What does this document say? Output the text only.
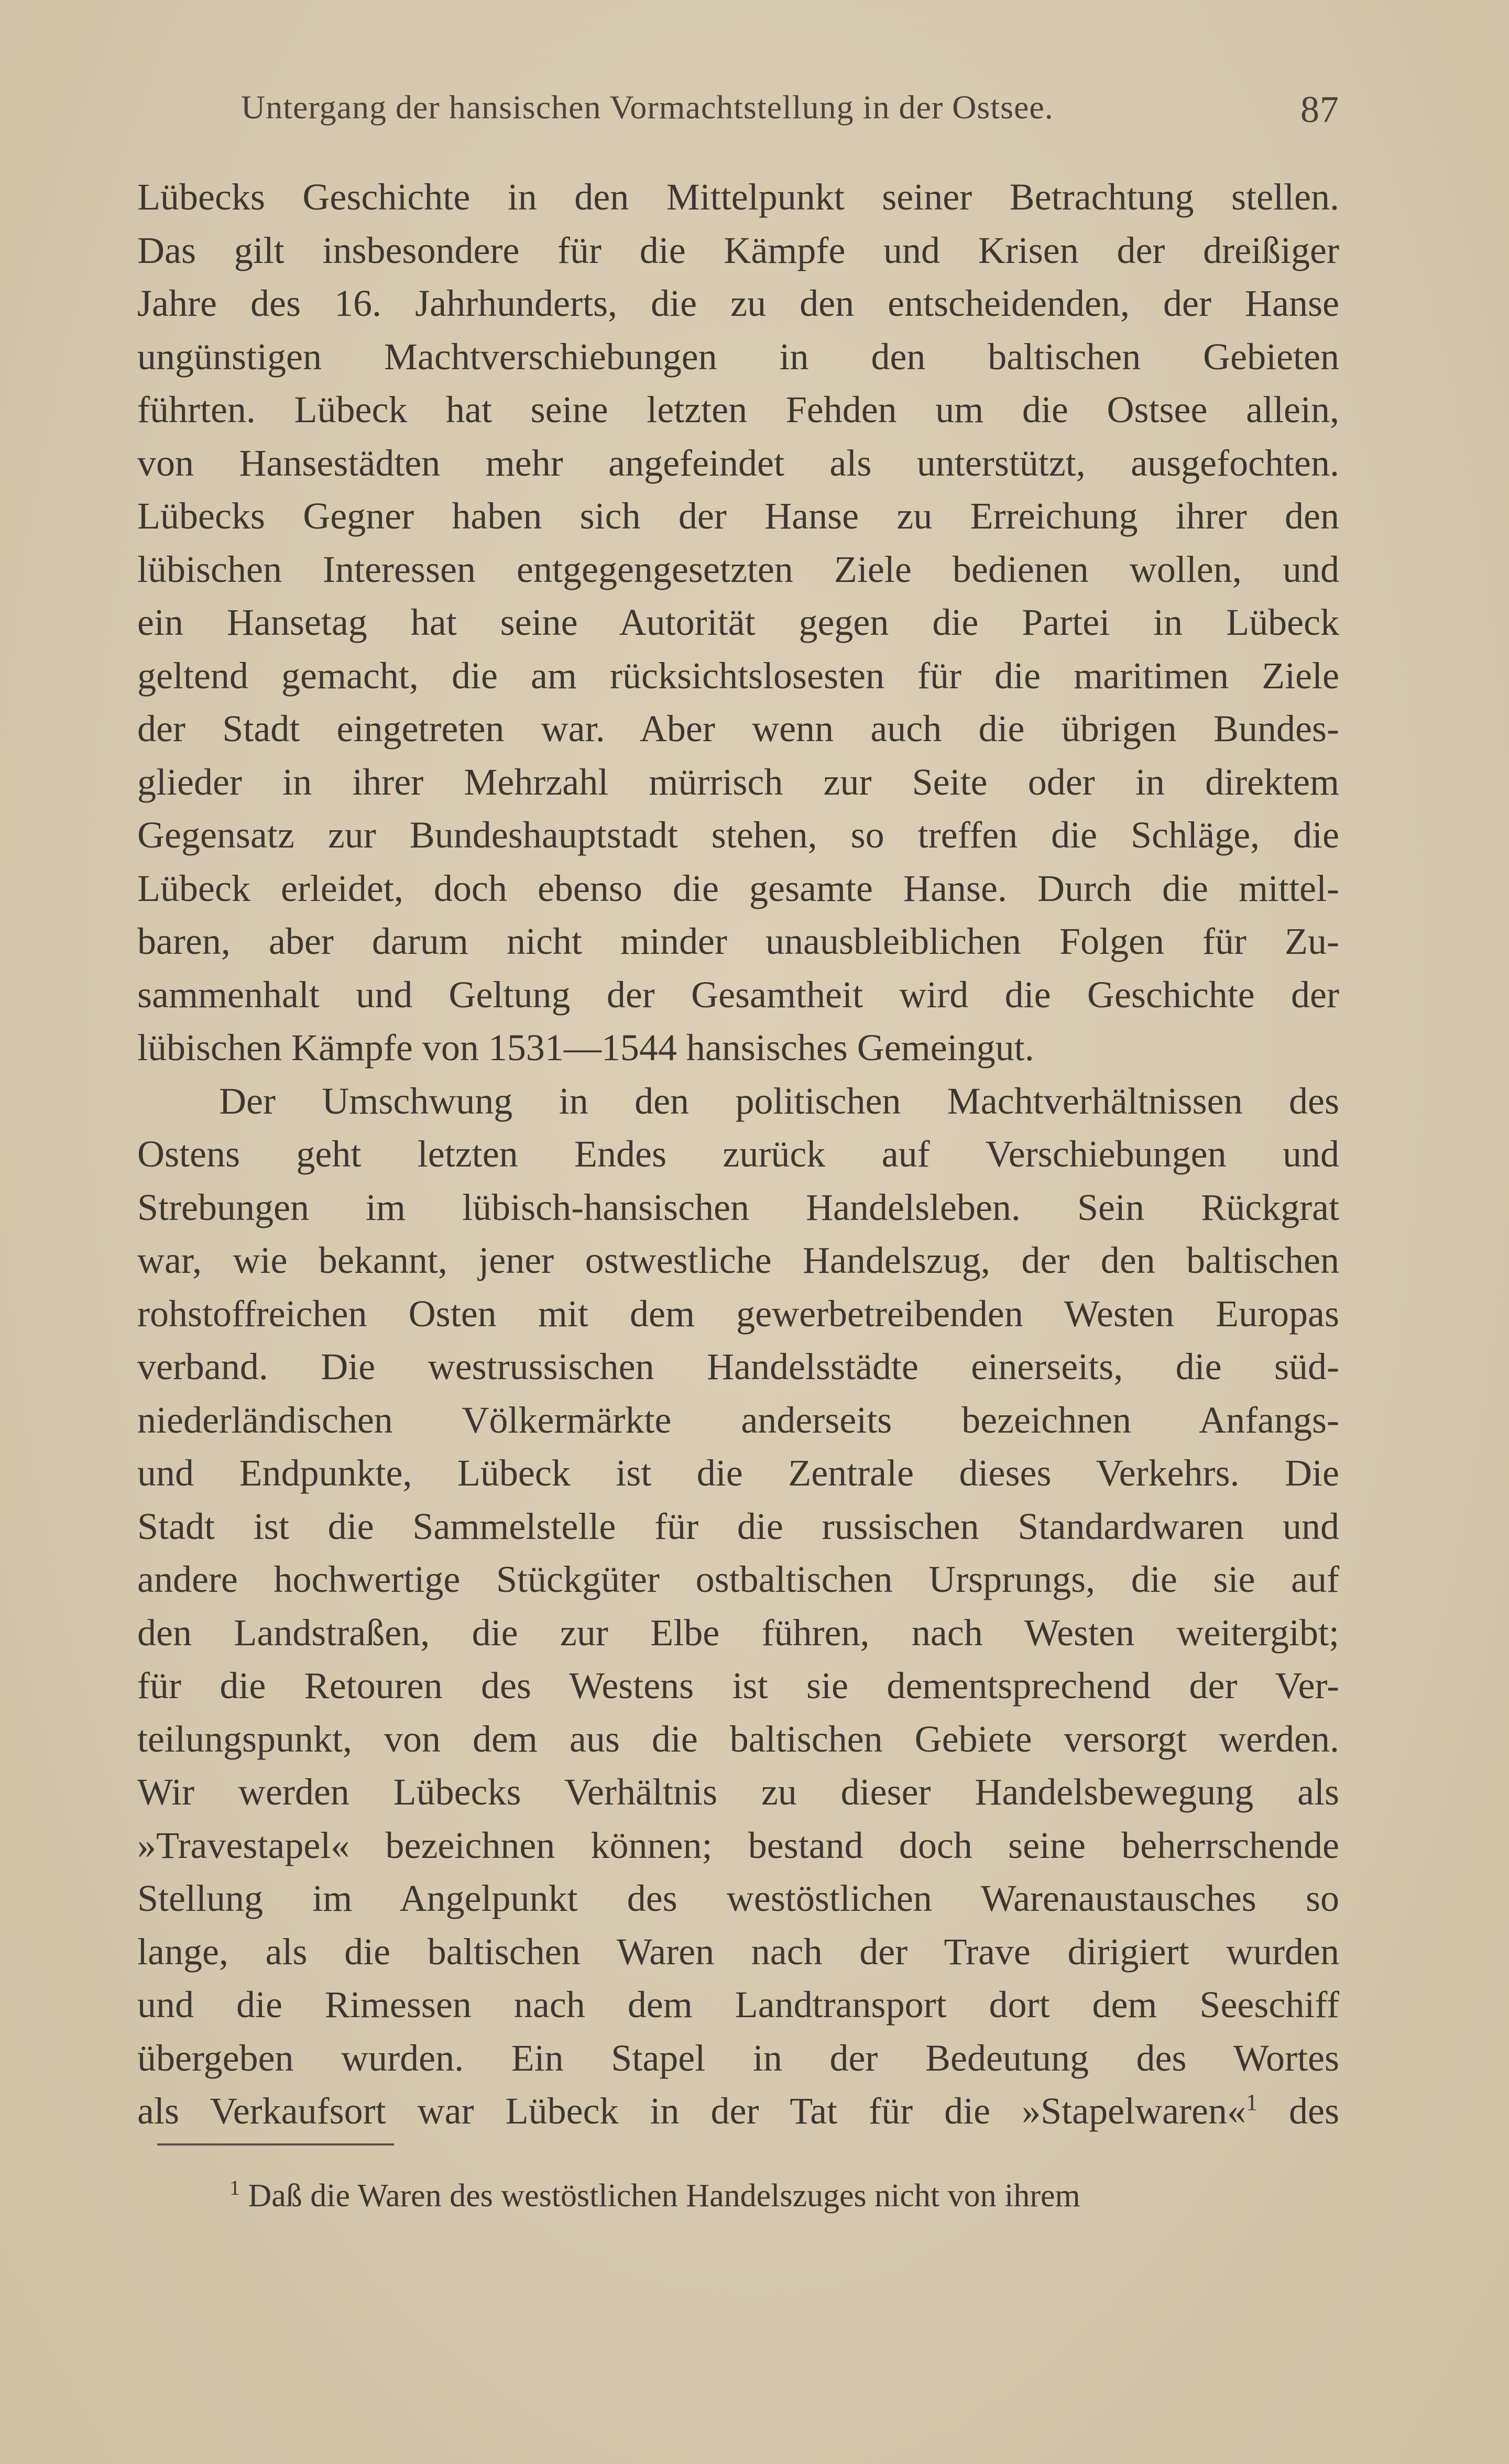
Untergang der hansischen Vormachtstellung in der Ostsee.	87
Lübecks Geschichte in den Mittelpunkt seiner Betrachtung stellen.
Das gilt insbesondere für die Kämpfe und Krisen der dreißiger
Jahre des 16. Jahrhunderts, die zu den entscheidenden, der Hanse
ungünstigen Machtverschiebungen in den baltischen Gebieten
führten. Lübeck hat seine letzten Fehden um die Ostsee allein,
von Hansestädten mehr angefeindet als unterstützt, ausgefochten.
Lübecks Gegner haben sich der Hanse zu Erreichung ihrer den
lübischen Interessen entgegengesetzten Ziele bedienen wollen, und
ein Hansetag hat seine Autorität gegen die Partei in Lübeck
geltend gemacht, die am rücksichtslosesten für die maritimen Ziele
der Stadt eingetreten war. Aber wenn auch die übrigen Bundes-
glieder in ihrer Mehrzahl mürrisch zur Seite oder in direktem
Gegensatz zur Bundeshauptstadt stehen, so treffen die Schläge, die
Lübeck erleidet, doch ebenso die gesamte Hanse. Durch die mittel-
baren, aber darum nicht minder unausbleiblichen Folgen für Zu-
sammenhalt und Geltung der Gesamtheit wird die Geschichte der
lübischen Kämpfe von 1531—1544 hansisches Gemeingut.
Der Umschwung in den politischen Machtverhältnissen des
Ostens geht letzten Endes zurück auf Verschiebungen und
Strebungen im lübisch-hansischen Handelsleben. Sein Rückgrat
war, wie bekannt, jener ostwestliche Handelszug, der den baltischen
rohstoffreichen Osten mit dem gewerbetreibenden Westen Europas
verband. Die westrussischen Handelsstädte einerseits, die süd-
niederländischen Völkermärkte anderseits bezeichnen Anfangs-
und Endpunkte, Lübeck ist die Zentrale dieses Verkehrs. Die
Stadt ist die Sammelstelle für die russischen Standardwaren und
andere hochwertige Stückgüter ostbaltischen Ursprungs, die sie auf
den Landstraßen, die zur Elbe führen, nach Westen weitergibt;
für die Retouren des Westens ist sie dementsprechend der Ver-
teilungspunkt, von dem aus die baltischen Gebiete versorgt werden.
Wir werden Lübecks Verhältnis zu dieser Handelsbewegung als
»Travestapel« bezeichnen können; bestand doch seine beherrschende
Stellung im Angelpunkt des westöstlichen Warenaustausches so
lange, als die baltischen Waren nach der Trave dirigiert wurden
und die Rimessen nach dem Landtransport dort dem Seeschiff
übergeben wurden. Ein Stapel in der Bedeutung des Wortes
als Verkaufsort war Lübeck in der Tat für die »Stapelwaren«$^1$ des
$^1$ Daß die Waren des westöstlichen Handelszuges nicht von ihrem
